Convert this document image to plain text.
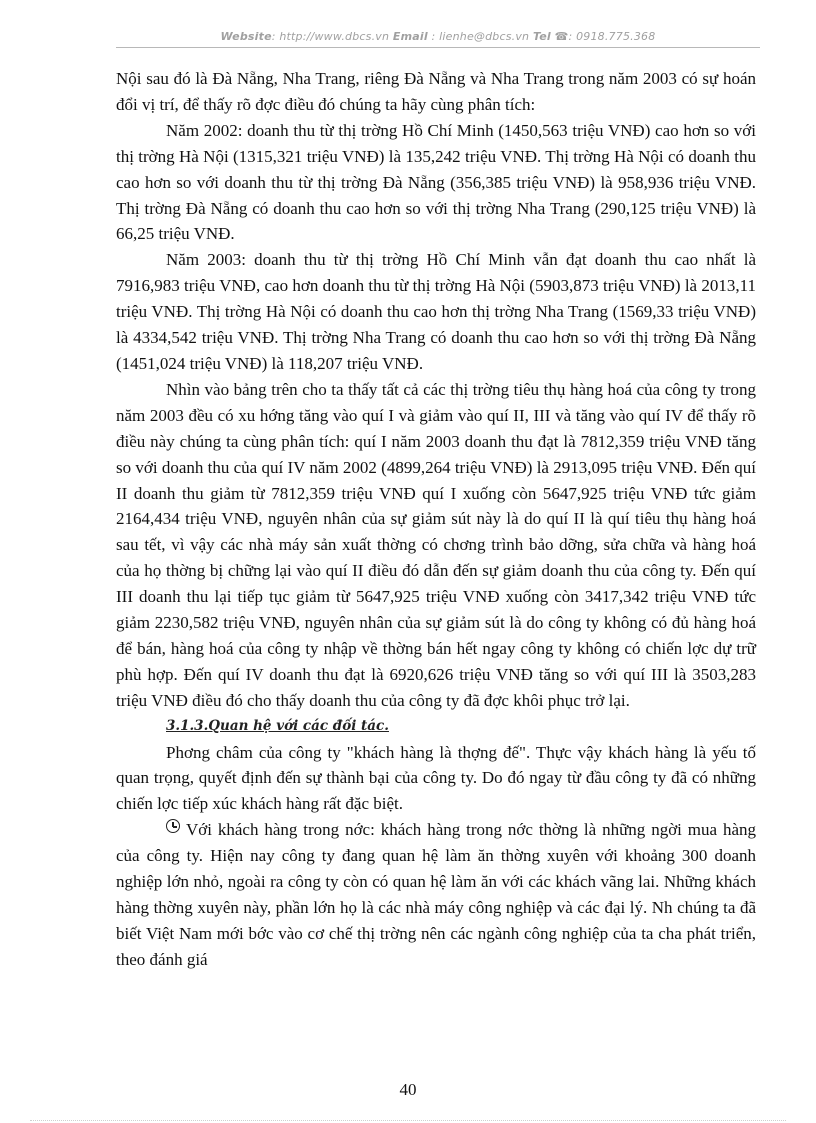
Website: http://www.dbcs.vn Email : lienhe@dbcs.vn Tel ☎: 0918.775.368

Nội sau đó là Đà Nẵng, Nha Trang, riêng Đà Nẵng và Nha Trang trong năm 2003 có sự hoán đổi vị trí, để thấy rõ đợc điều đó chúng ta hãy cùng phân tích:

Năm 2002: doanh thu từ thị trờng Hồ Chí Minh (1450,563 triệu VNĐ) cao hơn so với thị trờng Hà Nội (1315,321 triệu VNĐ) là 135,242 triệu VNĐ. Thị trờng Hà Nội có doanh thu cao hơn so với doanh thu từ thị trờng Đà Nẵng (356,385 triệu VNĐ) là 958,936 triệu VNĐ. Thị trờng Đà Nẵng có doanh thu cao hơn so với thị trờng Nha Trang (290,125 triệu VNĐ) là 66,25 triệu VNĐ.

Năm 2003: doanh thu từ thị trờng Hồ Chí Minh vẫn đạt doanh thu cao nhất là 7916,983 triệu VNĐ, cao hơn doanh thu từ thị trờng Hà Nội (5903,873 triệu VNĐ) là 2013,11 triệu VNĐ. Thị trờng Hà Nội có doanh thu cao hơn thị trờng Nha Trang (1569,33 triệu VNĐ) là 4334,542 triệu VNĐ. Thị trờng Nha Trang có doanh thu cao hơn so với thị trờng Đà Nẵng (1451,024 triệu VNĐ) là 118,207 triệu VNĐ.

Nhìn vào bảng trên cho ta thấy tất cả các thị trờng tiêu thụ hàng hoá của công ty trong năm 2003 đều có xu hớng tăng vào quí I và giảm vào quí II, III và tăng vào quí IV để thấy rõ điều này chúng ta cùng phân tích: quí I năm 2003 doanh thu đạt là 7812,359 triệu VNĐ tăng so với doanh thu của quí IV năm 2002 (4899,264 triệu VNĐ) là 2913,095 triệu VNĐ. Đến quí II doanh thu giảm từ 7812,359 triệu VNĐ quí I xuống còn 5647,925 triệu VNĐ tức giảm 2164,434 triệu VNĐ, nguyên nhân của sự giảm sút này là do quí II là quí tiêu thụ hàng hoá sau tết, vì vậy các nhà máy sản xuất thờng có chơng trình bảo dỡng, sửa chữa và hàng hoá của họ thờng bị chững lại vào quí II điều đó dẫn đến sự giảm doanh thu của công ty. Đến quí III doanh thu lại tiếp tục giảm từ 5647,925 triệu VNĐ xuống còn 3417,342 triệu VNĐ tức giảm 2230,582 triệu VNĐ, nguyên nhân của sự giảm sút là do công ty không có đủ hàng hoá để bán, hàng hoá của công ty nhập về thờng bán hết ngay công ty không có chiến lợc dự trữ phù hợp. Đến quí IV doanh thu đạt là 6920,626 triệu VNĐ tăng so với quí III là 3503,283 triệu VNĐ điều đó cho thấy doanh thu của công ty đã đợc khôi phục trở lại.

3.1.3.Quan hệ với các đối tác.

Phơng châm của công ty "khách hàng là thợng đế". Thực vậy khách hàng là yếu tố quan trọng, quyết định đến sự thành bại của công ty. Do đó ngay từ đầu công ty đã có những chiến lợc tiếp xúc khách hàng rất đặc biệt.

Với khách hàng trong nớc: khách hàng trong nớc thờng là những ngời mua hàng của công ty. Hiện nay công ty đang quan hệ làm ăn thờng xuyên với khoảng 300 doanh nghiệp lớn nhỏ, ngoài ra công ty còn có quan hệ làm ăn với các khách vãng lai. Những khách hàng thờng xuyên này, phần lớn họ là các nhà máy công nghiệp và các đại lý. Nh chúng ta đã biết Việt Nam mới bớc vào cơ chế thị trờng nên các ngành công nghiệp của ta cha phát triển, theo đánh giá

40
